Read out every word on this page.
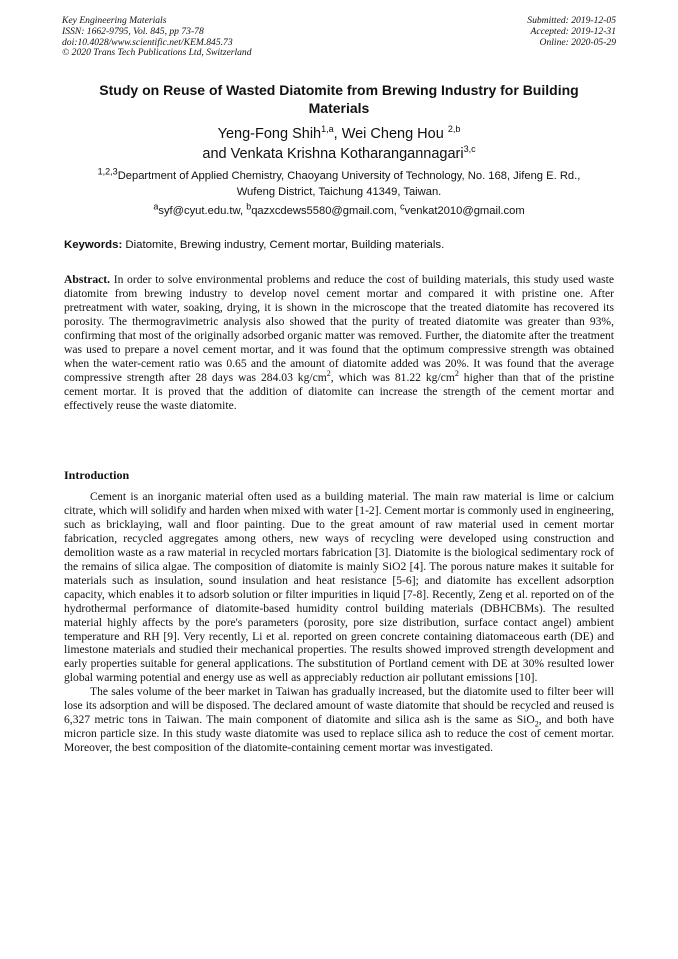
Key Engineering Materials
ISSN: 1662-9795, Vol. 845, pp 73-78
doi:10.4028/www.scientific.net/KEM.845.73
© 2020 Trans Tech Publications Ltd, Switzerland
Submitted: 2019-12-05
Accepted: 2019-12-31
Online: 2020-05-29
Study on Reuse of Wasted Diatomite from Brewing Industry for Building
Materials
Yeng-Fong Shih$^{1,a}$, Wei Cheng Hou $^{2,b}$
and Venkata Krishna Kotharangannagari$^{3,c}$
$^{1,2,3}$Department of Applied Chemistry, Chaoyang University of Technology, No. 168, Jifeng E. Rd.,
Wufeng District, Taichung 41349, Taiwan.
$^a$syf@cyut.edu.tw, $^b$qazxcdews5580@gmail.com, $^c$venkat2010@gmail.com
Keywords: Diatomite, Brewing industry, Cement mortar, Building materials.
Abstract. In order to solve environmental problems and reduce the cost of building materials, this study used waste diatomite from brewing industry to develop novel cement mortar and compared it with pristine one. After pretreatment with water, soaking, drying, it is shown in the microscope that the treated diatomite has recovered its porosity. The thermogravimetric analysis also showed that the purity of treated diatomite was greater than 93%, confirming that most of the originally adsorbed organic matter was removed. Further, the diatomite after the treatment was used to prepare a novel cement mortar, and it was found that the optimum compressive strength was obtained when the water-cement ratio was 0.65 and the amount of diatomite added was 20%. It was found that the average compressive strength after 28 days was 284.03 $kg/cm^2$, which was 81.22 $kg/cm^2$ higher than that of the pristine cement mortar. It is proved that the addition of diatomite can increase the strength of the cement mortar and effectively reuse the waste diatomite.
Introduction

Cement is an inorganic material often used as a building material. The main raw material is lime or calcium citrate, which will solidify and harden when mixed with water [1-2]. Cement mortar is commonly used in engineering, such as bricklaying, wall and floor painting. Due to the great amount of raw material used in cement mortar fabrication, recycled aggregates among others, new ways of recycling were developed using construction and demolition waste as a raw material in recycled mortars fabrication [3]. Diatomite is the biological sedimentary rock of the remains of silica algae. The composition of diatomite is mainly SiO2 [4]. The porous nature makes it suitable for materials such as insulation, sound insulation and heat resistance [5-6]; and diatomite has excellent adsorption capacity, which enables it to adsorb solution or filter impurities in liquid [7-8]. Recently, Zeng et al. reported on of the hydrothermal performance of diatomite-based humidity control building materials (DBHCBMs). The resulted material highly affects by the pore's parameters (porosity, pore size distribution, surface contact angel) ambient temperature and RH [9]. Very recently, Li et al. reported on green concrete containing diatomaceous earth (DE) and limestone materials and studied their mechanical properties. The results showed improved strength development and early properties suitable for general applications. The substitution of Portland cement with DE at 30% resulted lower global warming potential and energy use as well as appreciably reduction air pollutant emissions [10].

The sales volume of the beer market in Taiwan has gradually increased, but the diatomite used to filter beer will lose its adsorption and will be disposed. The declared amount of waste diatomite that should be recycled and reused is 6,327 metric tons in Taiwan. The main component of diatomite and silica ash is the same as SiO$_2$, and both have micron particle size. In this study waste diatomite was used to replace silica ash to reduce the cost of cement mortar. Moreover, the best composition of the diatomite-containing cement mortar was investigated.
